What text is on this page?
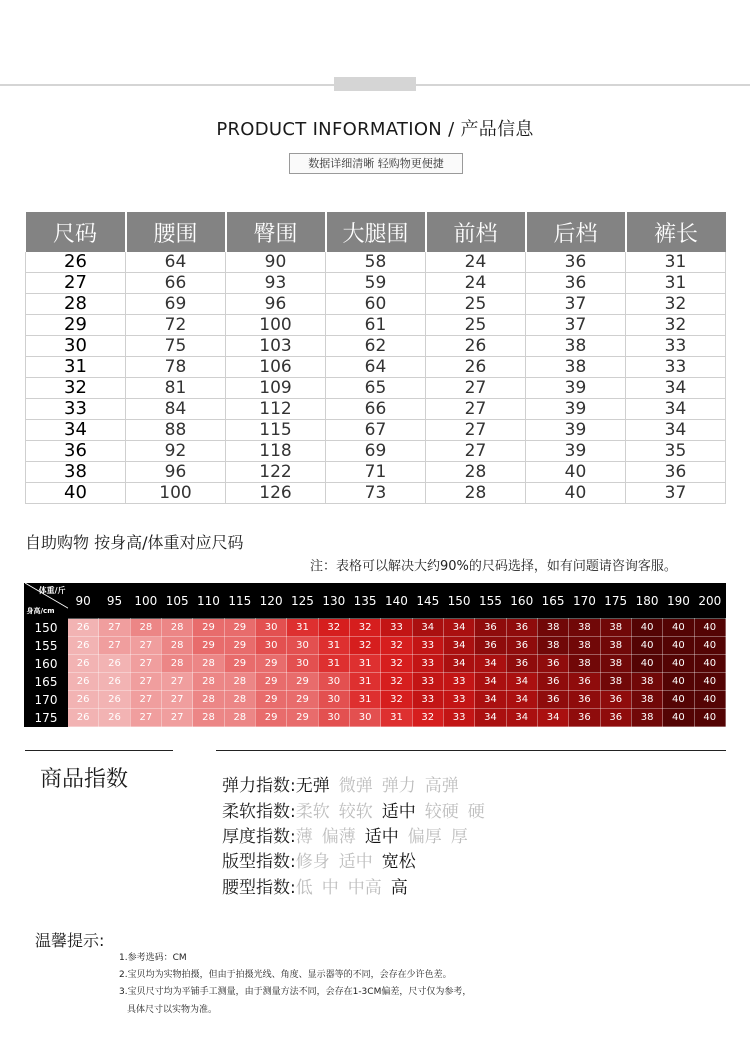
PRODUCT INFORMATION / 产品信息
数据详细清晰 轻购物更便捷
尺码	腰围	臀围	大腿围	前档	后档	裤长
26	64	90	58	24	36	31
27	66	93	59	24	36	31
28	69	96	60	25	37	32
29	72	100	61	25	37	32
30	75	103	62	26	38	33
31	78	106	64	26	38	33
32	81	109	65	27	39	34
33	84	112	66	27	39	34
34	88	115	67	27	39	34
36	92	118	69	27	39	35
38	96	122	71	28	40	36
40	100	126	73	28	40	37
自助购物 按身高/体重对应尺码
注：表格可以解决大约90%的尺码选择，如有问题请咨询客服。
体重/斤
身高/cm	90	95	100	105	110	115	120	125	130	135	140	145	150	155	160	165	170	175	180	190	200
150	26	27	28	28	29	29	30	31	32	32	33	34	34	36	36	38	38	38	40	40	40
155	26	27	27	28	29	29	30	30	31	32	32	33	34	36	36	38	38	38	40	40	40
160	26	26	27	28	28	29	29	30	31	31	32	33	34	34	36	36	38	38	40	40	40
165	26	26	27	27	28	28	29	29	30	31	32	33	33	34	34	36	36	38	38	40	40
170	26	26	27	27	28	28	29	29	30	31	32	33	33	34	34	36	36	36	38	40	40
175	26	26	27	27	28	28	29	29	30	30	31	32	33	34	34	34	36	36	38	40	40
商品指数	弹力指数:无弹 微弹 弹力 高弹
柔软指数:柔软 较软 适中 较硬 硬
厚度指数:薄 偏薄 适中 偏厚 厚
版型指数:修身 适中 宽松
腰型指数:低 中 中高 高
温馨提示:
1.参考选码：CM
2.宝贝均为实物拍摄，但由于拍摄光线、角度、显示器等的不同，会存在少许色差。
3.宝贝尺寸均为平铺手工测量，由于测量方法不同，会存在1-3CM偏差，尺寸仅为参考，
具体尺寸以实物为准。
